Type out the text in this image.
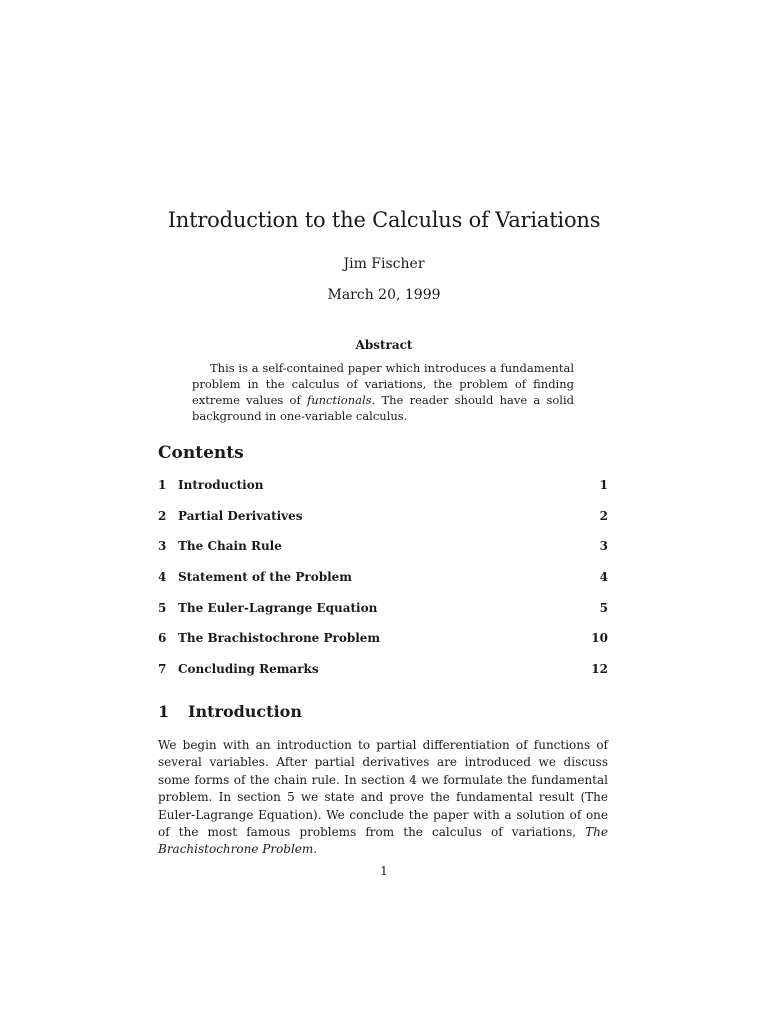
Introduction to the Calculus of Variations
Jim Fischer
March 20, 1999
Abstract

This is a self-contained paper which introduces a fundamental problem in the calculus of variations, the problem of finding extreme values of functionals. The reader should have a solid background in one-variable calculus.

Contents
1 Introduction	1
2 Partial Derivatives	2
3 The Chain Rule	3
4 Statement of the Problem	4
5 The Euler-Lagrange Equation	5
6 The Brachistochrone Problem	10
7 Concluding Remarks	12
1 Introduction

We begin with an introduction to partial differentiation of functions of several variables. After partial derivatives are introduced we discuss some forms of the chain rule. In section 4 we formulate the fundamental problem. In section 5 we state and prove the fundamental result (The Euler-Lagrange Equation). We conclude the paper with a solution of one of the most famous problems from the calculus of variations, The Brachistochrone Problem.

1
